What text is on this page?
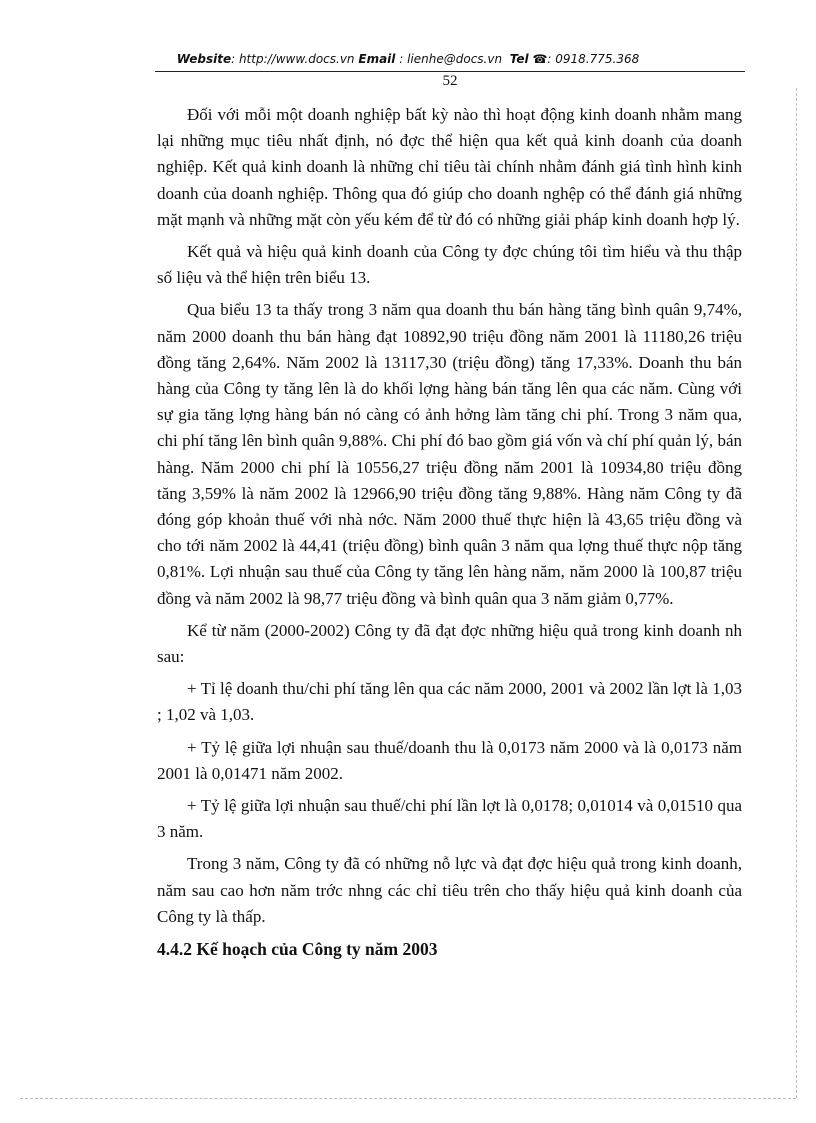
Website: http://www.docs.vn Email : lienhe@docs.vn Tel ☎: 0918.775.368
52

Đối với mỗi một doanh nghiệp bất kỳ nào thì hoạt động kinh doanh nhằm mang lại những mục tiêu nhất định, nó đợc thể hiện qua kết quả kinh doanh của doanh nghiệp. Kết quả kinh doanh là những chỉ tiêu tài chính nhằm đánh giá tình hình kinh doanh của doanh nghiệp. Thông qua đó giúp cho doanh nghệp có thể đánh giá những mặt mạnh và những mặt còn yếu kém để từ đó có những giải pháp kinh doanh hợp lý.

Kết quả và hiệu quả kinh doanh của Công ty đợc chúng tôi tìm hiểu và thu thập số liệu và thể hiện trên biểu 13.

Qua biểu 13 ta thấy trong 3 năm qua doanh thu bán hàng tăng bình quân 9,74%, năm 2000 doanh thu bán hàng đạt 10892,90 triệu đồng năm 2001 là 11180,26 triệu đồng tăng 2,64%. Năm 2002 là 13117,30 (triệu đồng) tăng 17,33%. Doanh thu bán hàng của Công ty tăng lên là do khối lợng hàng bán tăng lên qua các năm. Cùng với sự gia tăng lợng hàng bán nó càng có ảnh hởng làm tăng chi phí. Trong 3 năm qua, chi phí tăng lên bình quân 9,88%. Chi phí đó bao gồm giá vốn và chí phí quản lý, bán hàng. Năm 2000 chi phí là 10556,27 triệu đồng năm 2001 là 10934,80 triệu đồng tăng 3,59% là năm 2002 là 12966,90 triệu đồng tăng 9,88%. Hàng năm Công ty đã đóng góp khoản thuế với nhà nớc. Năm 2000 thuế thực hiện là 43,65 triệu đồng và cho tới năm 2002 là 44,41 (triệu đồng) bình quân 3 năm qua lợng thuế thực nộp tăng 0,81%. Lợi nhuận sau thuế của Công ty tăng lên hàng năm, năm 2000 là 100,87 triệu đồng và năm 2002 là 98,77 triệu đồng và bình quân qua 3 năm giảm 0,77%.

Kể từ năm (2000-2002) Công ty đã đạt đợc những hiệu quả trong kinh doanh nh sau:

+ Tỉ lệ doanh thu/chi phí tăng lên qua các năm 2000, 2001 và 2002 lần lợt là 1,03 ; 1,02 và 1,03.

+ Tỷ lệ giữa lợi nhuận sau thuế/doanh thu là 0,0173 năm 2000 và là 0,0173 năm 2001 là 0,01471 năm 2002.

+ Tỷ lệ giữa lợi nhuận sau thuế/chi phí lần lợt là 0,0178; 0,01014 và 0,01510 qua 3 năm.

Trong 3 năm, Công ty đã có những nỗ lực và đạt đợc hiệu quả trong kinh doanh, năm sau cao hơn năm trớc nhng các chỉ tiêu trên cho thấy hiệu quả kinh doanh của Công ty là thấp.

4.4.2 Kế hoạch của Công ty năm 2003
